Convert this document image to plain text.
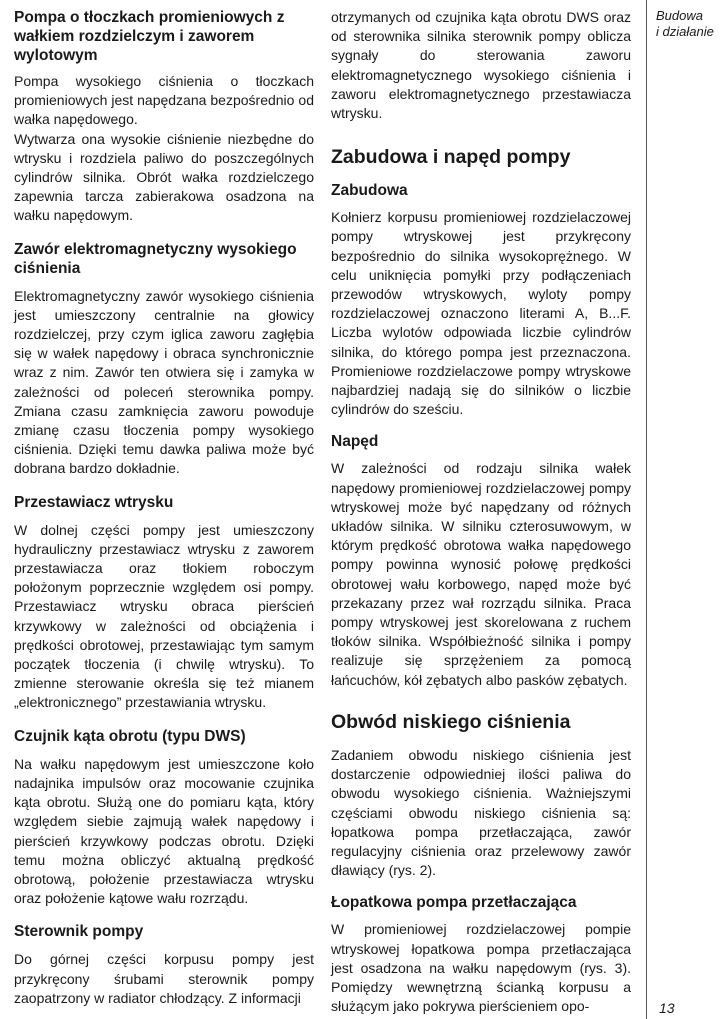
Pompa o tłoczkach promieniowych z wałkiem rozdzielczym i zaworem wylotowym

Pompa wysokiego ciśnienia o tłoczkach promieniowych jest napędzana bezpośrednio od wałka napędowego.

Wytwarza ona wysokie ciśnienie niezbędne do wtrysku i rozdziela paliwo do poszczególnych cylindrów silnika. Obrót wałka rozdzielczego zapewnia tarcza zabierakowa osadzona na wałku napędowym.

Zawór elektromagnetyczny wysokiego ciśnienia

Elektromagnetyczny zawór wysokiego ciśnienia jest umieszczony centralnie na głowicy rozdzielczej, przy czym iglica zaworu zagłębia się w wałek napędowy i obraca synchronicznie wraz z nim. Zawór ten otwiera się i zamyka w zależności od poleceń sterownika pompy. Zmiana czasu zamknięcia zaworu powoduje zmianę czasu tłoczenia pompy wysokiego ciśnienia. Dzięki temu dawka paliwa może być dobrana bardzo dokładnie.

Przestawiacz wtrysku

W dolnej części pompy jest umieszczony hydrauliczny przestawiacz wtrysku z zaworem przestawiacza oraz tłokiem roboczym położonym poprzecznie względem osi pompy. Przestawiacz wtrysku obraca pierścień krzywkowy w zależności od obciążenia i prędkości obrotowej, przestawiając tym samym początek tłoczenia (i chwilę wtrysku). To zmienne sterowanie określa się też mianem „elektronicznego” przestawiania wtrysku.

Czujnik kąta obrotu (typu DWS)

Na wałku napędowym jest umieszczone koło nadajnika impulsów oraz mocowanie czujnika kąta obrotu. Służą one do pomiaru kąta, który względem siebie zajmują wałek napędowy i pierścień krzywkowy podczas obrotu. Dzięki temu można obliczyć aktualną prędkość obrotową, położenie przestawiacza wtrysku oraz położenie kątowe wału rozrządu.

Sterownik pompy

Do górnej części korpusu pompy jest przykręcony śrubami sterownik pompy zaopatrzony w radiator chłodzący. Z informacji

otrzymanych od czujnika kąta obrotu DWS oraz od sterownika silnika sterownik pompy oblicza sygnały do sterowania zaworu elektromagnetycznego wysokiego ciśnienia i zaworu elektromagnetycznego przestawiacza wtrysku.

Zabudowa i napęd pompy
Zabudowa

Kołnierz korpusu promieniowej rozdzielaczowej pompy wtryskowej jest przykręcony bezpośrednio do silnika wysokoprężnego. W celu uniknięcia pomyłki przy podłączeniach przewodów wtryskowych, wyloty pompy rozdzielaczowej oznaczono literami A, B...F. Liczba wylotów odpowiada liczbie cylindrów silnika, do którego pompa jest przeznaczona. Promieniowe rozdzielaczowe pompy wtryskowe najbardziej nadają się do silników o liczbie cylindrów do sześciu.

Napęd

W zależności od rodzaju silnika wałek napędowy promieniowej rozdzielaczowej pompy wtryskowej może być napędzany od różnych układów silnika. W silniku czterosuwowym, w którym prędkość obrotowa wałka napędowego pompy powinna wynosić połowę prędkości obrotowej wału korbowego, napęd może być przekazany przez wał rozrządu silnika. Praca pompy wtryskowej jest skorelowana z ruchem tłoków silnika. Współbieżność silnika i pompy realizuje się sprzężeniem za pomocą łańcuchów, kół zębatych albo pasków zębatych.

Obwód niskiego ciśnienia

Zadaniem obwodu niskiego ciśnienia jest dostarczenie odpowiedniej ilości paliwa do obwodu wysokiego ciśnienia. Ważniejszymi częściami obwodu niskiego ciśnienia są: łopatkowa pompa przetłaczająca, zawór regulacyjny ciśnienia oraz przelewowy zawór dławiący (rys. 2).

Łopatkowa pompa przetłaczająca

W promieniowej rozdzielaczowej pompie wtryskowej łopatkowa pompa przetłaczająca jest osadzona na wałku napędowym (rys. 3). Pomiędzy wewnętrzną ścianką korpusu a służącym jako pokrywa pierścieniem opo-

Budowa
i działanie
13
